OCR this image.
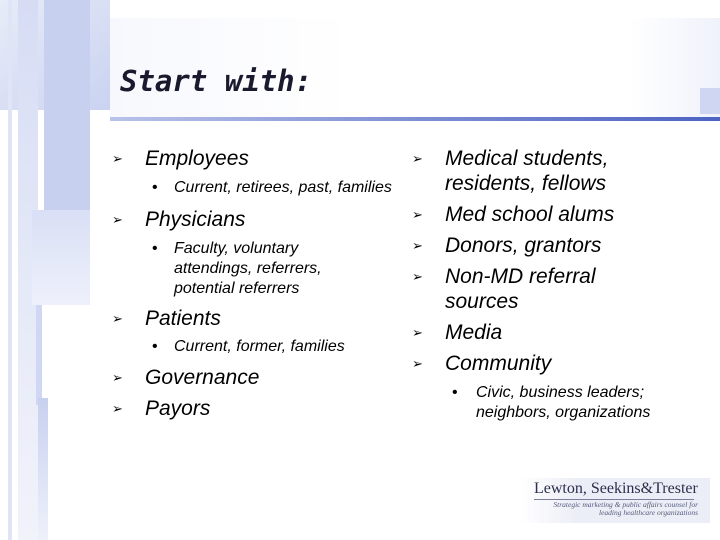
Start with:
➢ Employees
• Current, retirees, past, families
➢ Physicians
• Faculty, voluntary attendings, referrers, potential referrers
➢ Patients
• Current, former, families
➢ Governance
➢ Payors
➢ Medical students, residents, fellows
➢ Med school alums
➢ Donors, grantors
➢ Non-MD referral sources
➢ Media
➢ Community
• Civic, business leaders; neighbors, organizations
Lewton, Seekins&Trester
Strategic marketing & public affairs counsel for leading healthcare organizations
